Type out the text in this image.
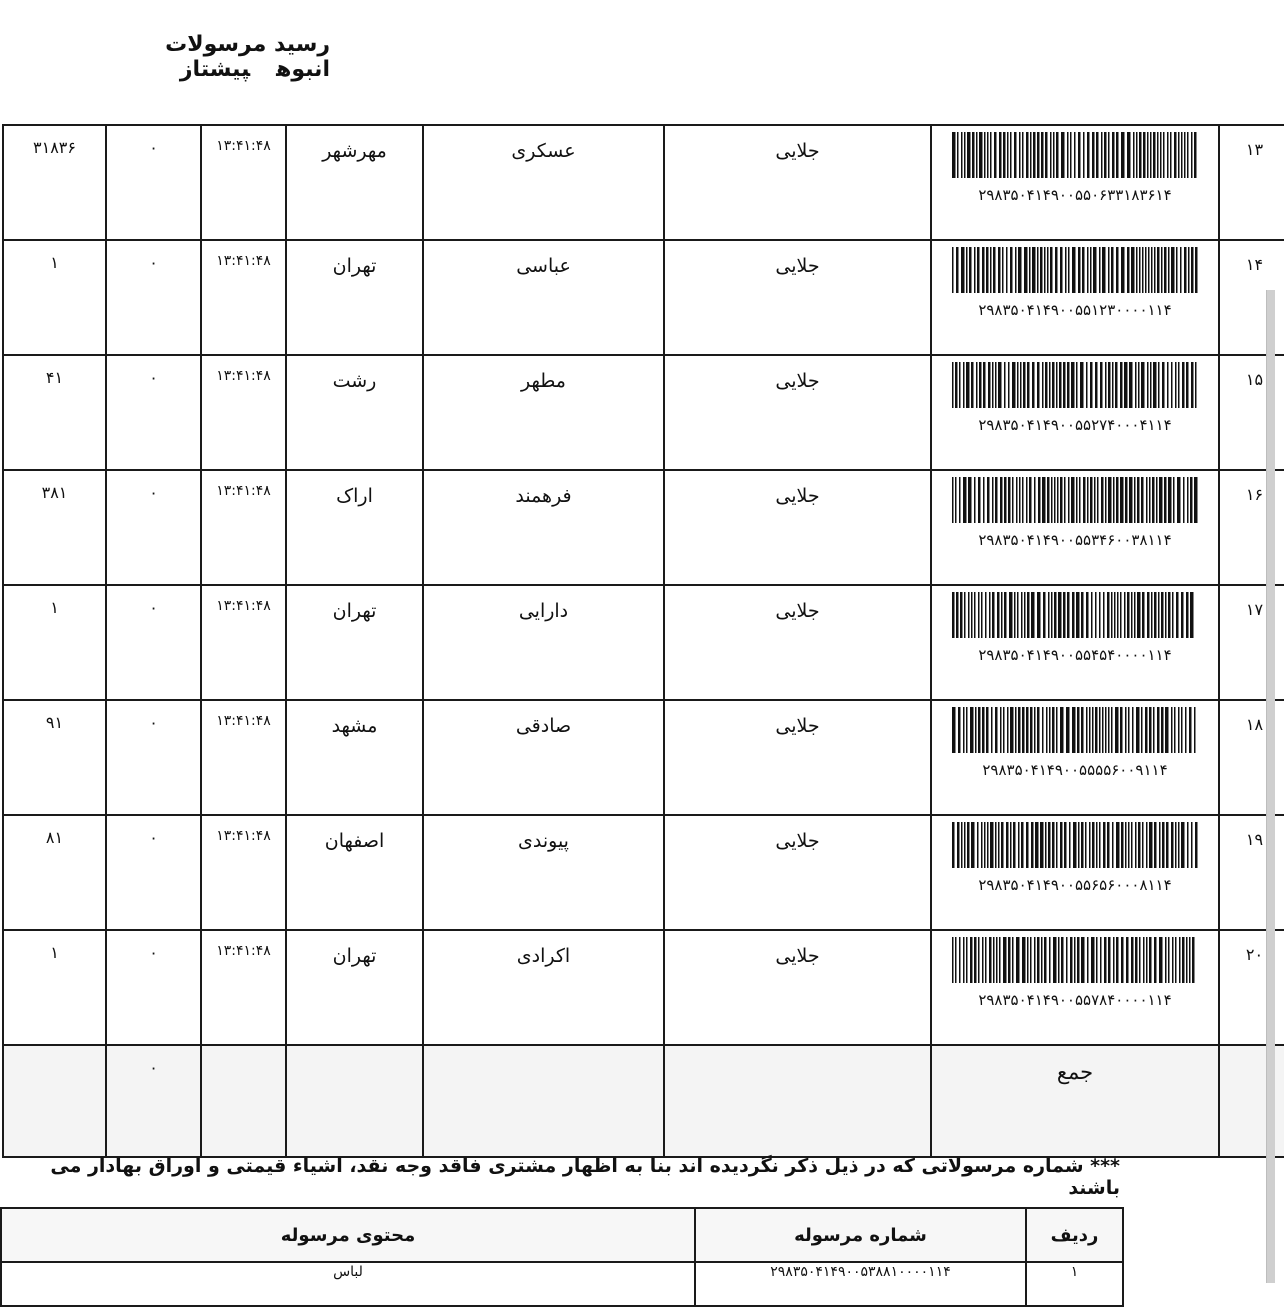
رسید مرسولات انبوهپیشتاز
۳۱۸۳۶	۰	۱۳:۴۱:۴۸	مهرشهر	عسکری	جلایی	۲۹۸۳۵۰۴۱۴۹۰۰۵۵۰۶۳۳۱۸۳۶۱۴	۱۳
۱	۰	۱۳:۴۱:۴۸	تهران	عباسی	جلایی	۲۹۸۳۵۰۴۱۴۹۰۰۵۵۱۲۳۰۰۰۰۱۱۴	۱۴
۴۱	۰	۱۳:۴۱:۴۸	رشت	مطهر	جلایی	۲۹۸۳۵۰۴۱۴۹۰۰۵۵۲۷۴۰۰۰۴۱۱۴	۱۵
۳۸۱	۰	۱۳:۴۱:۴۸	اراک	فرهمند	جلایی	۲۹۸۳۵۰۴۱۴۹۰۰۵۵۳۴۶۰۰۳۸۱۱۴	۱۶
۱	۰	۱۳:۴۱:۴۸	تهران	دارایی	جلایی	۲۹۸۳۵۰۴۱۴۹۰۰۵۵۴۵۴۰۰۰۰۱۱۴	۱۷
۹۱	۰	۱۳:۴۱:۴۸	مشهد	صادقی	جلایی	۲۹۸۳۵۰۴۱۴۹۰۰۵۵۵۵۶۰۰۹۱۱۴	۱۸
۸۱	۰	۱۳:۴۱:۴۸	اصفهان	پیوندی	جلایی	۲۹۸۳۵۰۴۱۴۹۰۰۵۵۶۵۶۰۰۰۸۱۱۴	۱۹
۱	۰	۱۳:۴۱:۴۸	تهران	اکرادی	جلایی	۲۹۸۳۵۰۴۱۴۹۰۰۵۵۷۸۴۰۰۰۰۱۱۴	۲۰
	۰					جمع	
*** شماره مرسولاتی که در ذیل ذکر نگردیده اند بنا به اظهار مشتری فاقد وجه نقد، اشیاء قیمتی و اوراق بهادار می باشند
محتوی مرسوله	شماره مرسوله	ردیف
لباس	۲۹۸۳۵۰۴۱۴۹۰۰۵۳۸۸۱۰۰۰۰۱۱۴	۱
